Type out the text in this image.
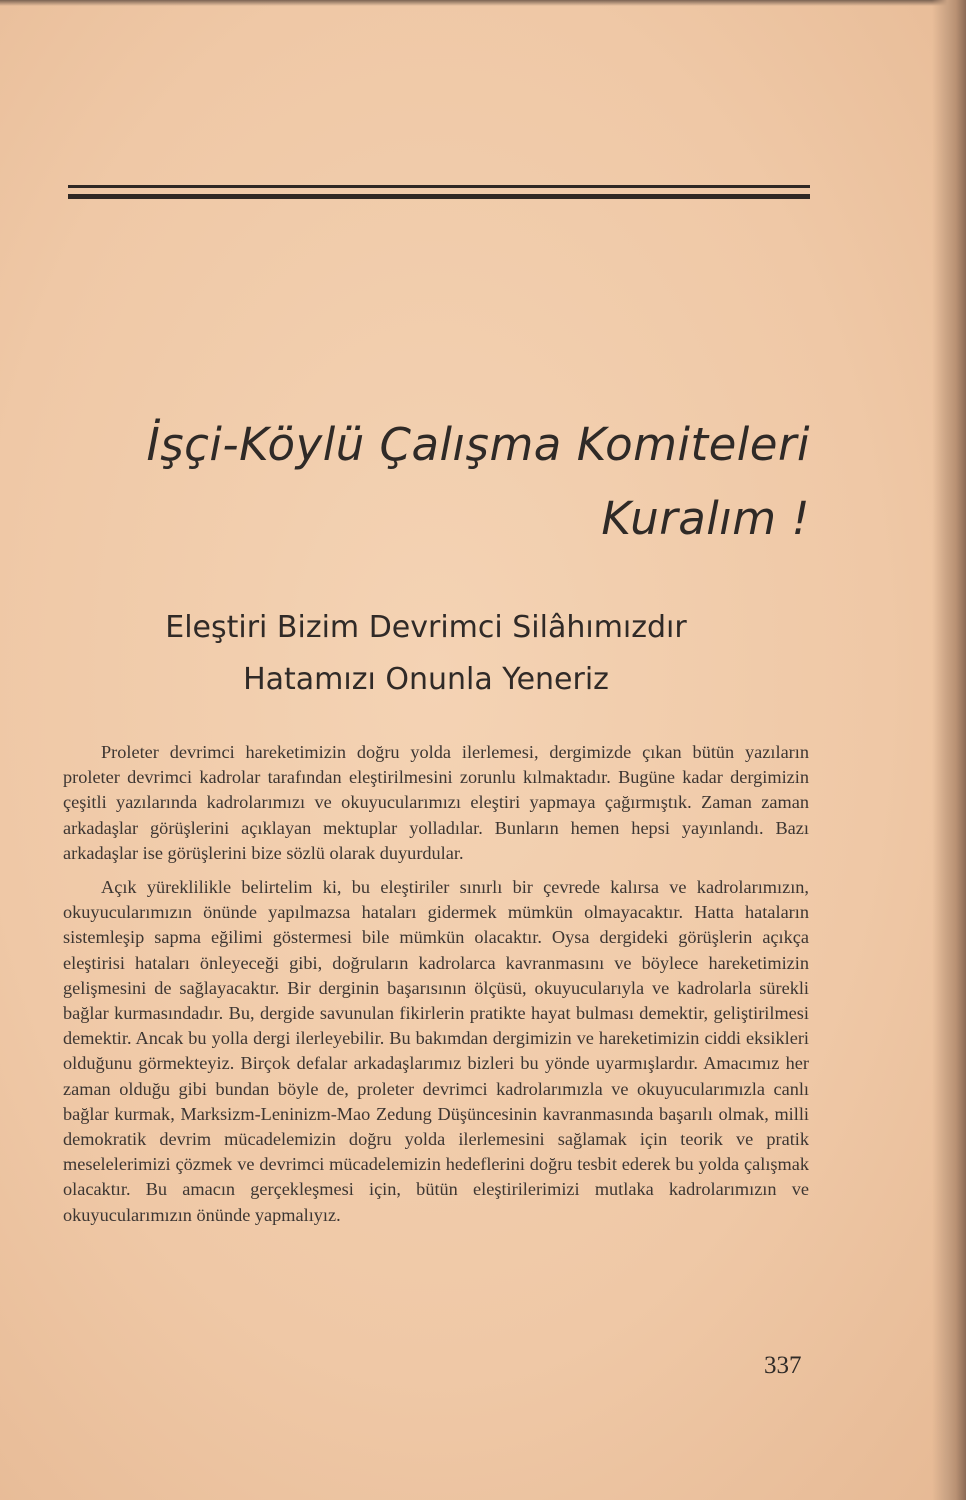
İşçi-Köylü Çalışma Komiteleri
Kuralım !
Eleştiri Bizim Devrimci Silâhımızdır
Hatamızı Onunla Yeneriz

Proleter devrimci hareketimizin doğru yolda ilerlemesi, dergimizde çıkan bütün yazıların proleter devrimci kadrolar tarafından eleştirilmesini zorunlu kılmaktadır. Bugüne kadar dergimizin çeşitli yazılarında kadrolarımızı ve okuyucularımızı eleştiri yapmaya çağırmıştık. Zaman zaman arkadaşlar görüşlerini açıklayan mektuplar yolladılar. Bunların hemen hepsi yayınlandı. Bazı arkadaşlar ise görüşlerini bize sözlü olarak duyurdular.

Açık yüreklilikle belirtelim ki, bu eleştiriler sınırlı bir çevrede kalırsa ve kadrolarımızın, okuyucularımızın önünde yapılmazsa hataları gidermek mümkün olmayacaktır. Hatta hataların sistemleşip sapma eğilimi göstermesi bile mümkün olacaktır. Oysa dergideki görüşlerin açıkça eleştirisi hataları önleyeceği gibi, doğruların kadrolarca kavranmasını ve böylece hareketimizin gelişmesini de sağlayacaktır. Bir derginin başarısının ölçüsü, okuyucularıyla ve kadrolarla sürekli bağlar kurmasındadır. Bu, dergide savunulan fikirlerin pratikte hayat bulması demektir, geliştirilmesi demektir. Ancak bu yolla dergi ilerleyebilir. Bu bakımdan dergimizin ve hareketimizin ciddi eksikleri olduğunu görmekteyiz. Birçok defalar arkadaşlarımız bizleri bu yönde uyarmışlardır. Amacımız her zaman olduğu gibi bundan böyle de, proleter devrimci kadrolarımızla ve okuyucularımızla canlı bağlar kurmak, Marksizm-Leninizm-Mao Zedung Düşüncesinin kavranmasında başarılı olmak, milli demokratik devrim mücadelemizin doğru yolda ilerlemesini sağlamak için teorik ve pratik meselelerimizi çözmek ve devrimci mücadelemizin hedeflerini doğru tesbit ederek bu yolda çalışmak olacaktır. Bu amacın gerçekleşmesi için, bütün eleştirilerimizi mutlaka kadrolarımızın ve okuyucularımızın önünde yapmalıyız.

337
